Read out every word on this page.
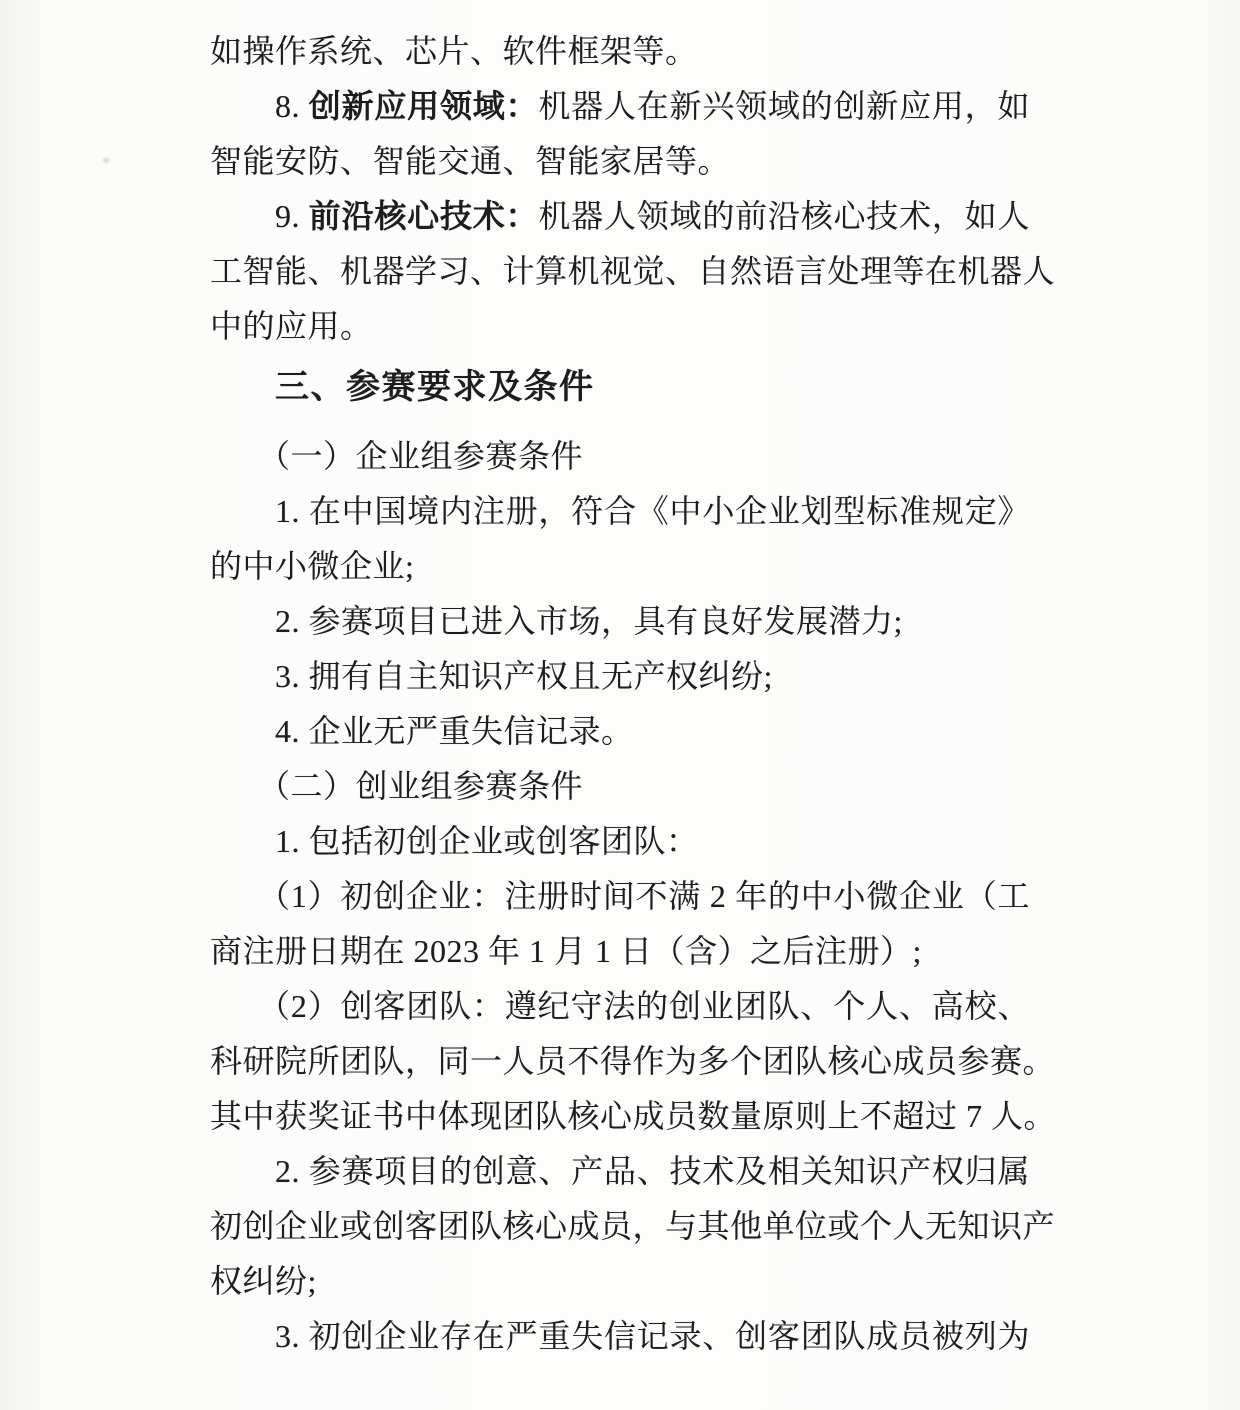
如操作系统、芯片、软件框架等。
8. 创新应用领域：机器人在新兴领域的创新应用，如
智能安防、智能交通、智能家居等。
9. 前沿核心技术：机器人领域的前沿核心技术，如人
工智能、机器学习、计算机视觉、自然语言处理等在机器人
中的应用。
三、参赛要求及条件
（一）企业组参赛条件
1. 在中国境内注册，符合《中小企业划型标准规定》
的中小微企业;
2. 参赛项目已进入市场，具有良好发展潜力;
3. 拥有自主知识产权且无产权纠纷;
4. 企业无严重失信记录。
（二）创业组参赛条件
1. 包括初创企业或创客团队：
（1）初创企业：注册时间不满 2 年的中小微企业（工
商注册日期在 2023 年 1 月 1 日（含）之后注册）;
（2）创客团队：遵纪守法的创业团队、个人、高校、
科研院所团队，同一人员不得作为多个团队核心成员参赛。
其中获奖证书中体现团队核心成员数量原则上不超过 7 人。
2. 参赛项目的创意、产品、技术及相关知识产权归属
初创企业或创客团队核心成员，与其他单位或个人无知识产
权纠纷;
3. 初创企业存在严重失信记录、创客团队成员被列为
